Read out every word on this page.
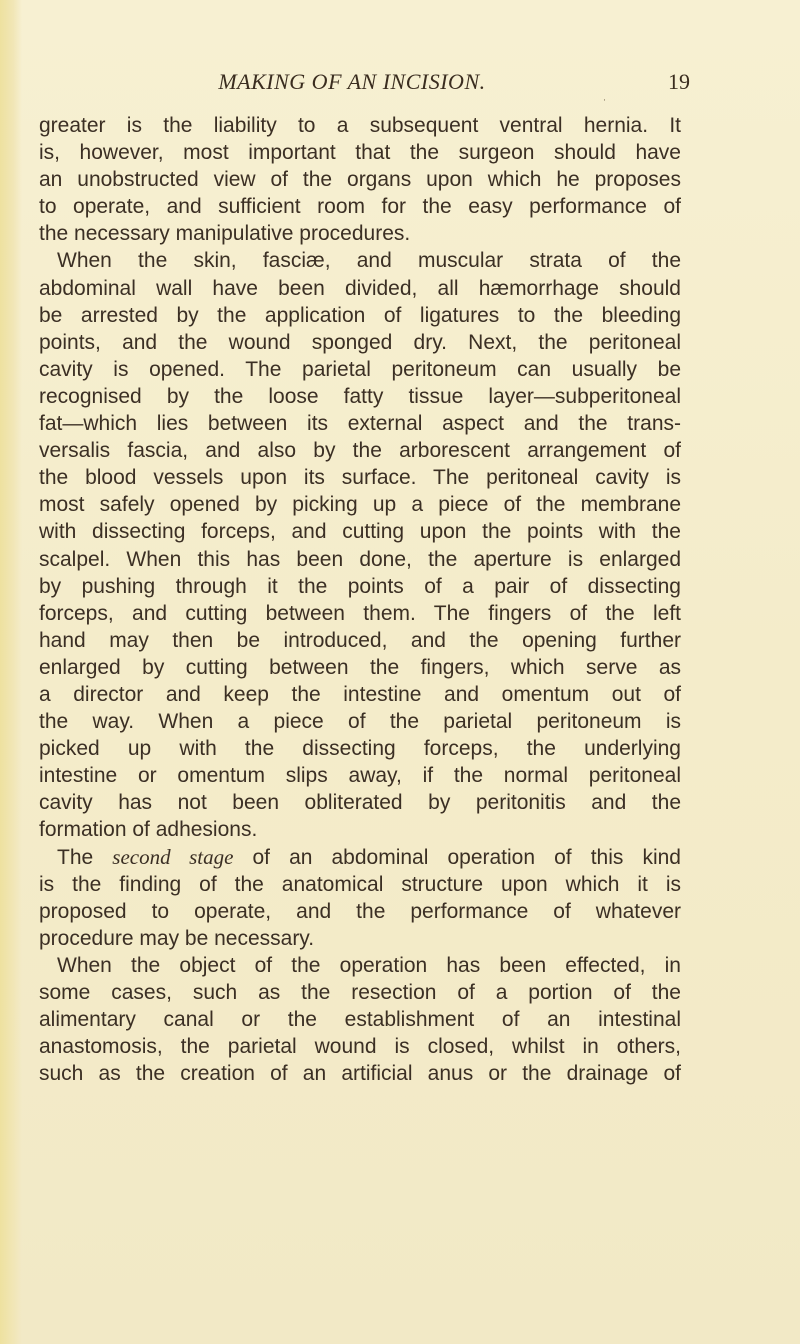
MAKING OF AN INCISION.	19
·

greater is the liability to a subsequent ventral hernia. It
is, however, most important that the surgeon should have
an unobstructed view of the organs upon which he proposes
to operate, and sufficient room for the easy performance of
the necessary manipulative procedures.

When the skin, fasciæ, and muscular strata of the
abdominal wall have been divided, all hæmorrhage should
be arrested by the application of ligatures to the bleeding
points, and the wound sponged dry. Next, the peritoneal
cavity is opened. The parietal peritoneum can usually be
recognised by the loose fatty tissue layer—subperitoneal
fat—which lies between its external aspect and the trans-
versalis fascia, and also by the arborescent arrangement of
the blood vessels upon its surface. The peritoneal cavity is
most safely opened by picking up a piece of the membrane
with dissecting forceps, and cutting upon the points with the
scalpel. When this has been done, the aperture is enlarged
by pushing through it the points of a pair of dissecting
forceps, and cutting between them. The fingers of the left
hand may then be introduced, and the opening further
enlarged by cutting between the fingers, which serve as
a director and keep the intestine and omentum out of
the way. When a piece of the parietal peritoneum is
picked up with the dissecting forceps, the underlying
intestine or omentum slips away, if the normal peritoneal
cavity has not been obliterated by peritonitis and the
formation of adhesions.

The second stage of an abdominal operation of this kind
is the finding of the anatomical structure upon which it is
proposed to operate, and the performance of whatever
procedure may be necessary.

When the object of the operation has been effected, in
some cases, such as the resection of a portion of the
alimentary canal or the establishment of an intestinal
anastomosis, the parietal wound is closed, whilst in others,
such as the creation of an artificial anus or the drainage of
